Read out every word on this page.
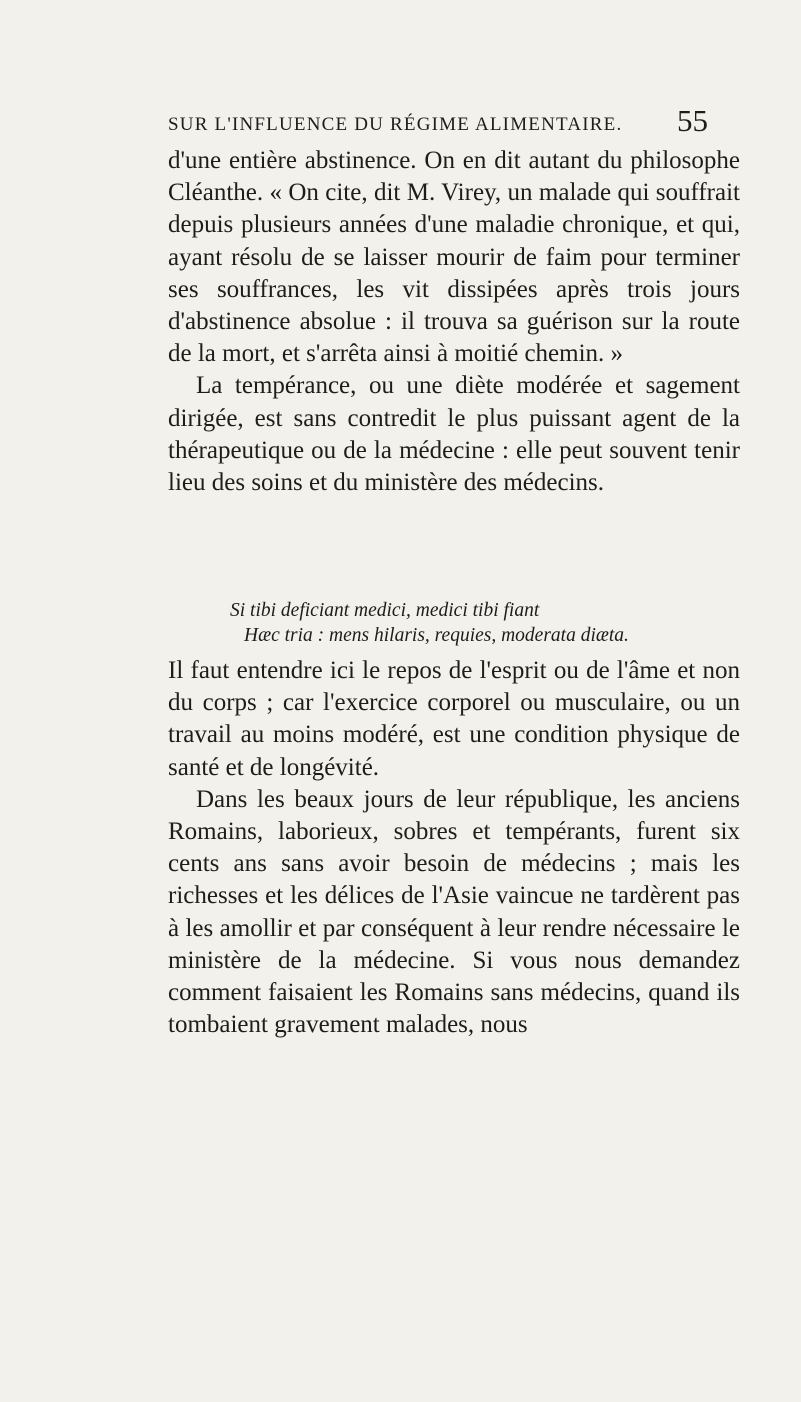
SUR L'INFLUENCE DU RÉGIME ALIMENTAIRE. 55

d'une entière abstinence. On en dit autant du philosophe Cléanthe. « On cite, dit M. Virey, un malade qui souffrait depuis plusieurs années d'une maladie chronique, et qui, ayant résolu de se laisser mourir de faim pour terminer ses souffrances, les vit dissipées après trois jours d'abstinence absolue : il trouva sa guérison sur la route de la mort, et s'arrêta ainsi à moitié chemin. »

La tempérance, ou une diète modérée et sagement dirigée, est sans contredit le plus puissant agent de la thérapeutique ou de la médecine : elle peut souvent tenir lieu des soins et du ministère des médecins.

Si tibi deficiant medici, medici tibi fiant
Hæc tria : mens hilaris, requies, moderata diæta.

Il faut entendre ici le repos de l'esprit ou de l'âme et non du corps ; car l'exercice corporel ou musculaire, ou un travail au moins modéré, est une condition physique de santé et de longévité.

Dans les beaux jours de leur république, les anciens Romains, laborieux, sobres et tempérants, furent six cents ans sans avoir besoin de médecins ; mais les richesses et les délices de l'Asie vaincue ne tardèrent pas à les amollir et par conséquent à leur rendre nécessaire le ministère de la médecine. Si vous nous demandez comment faisaient les Romains sans médecins, quand ils tombaient gravement malades, nous
